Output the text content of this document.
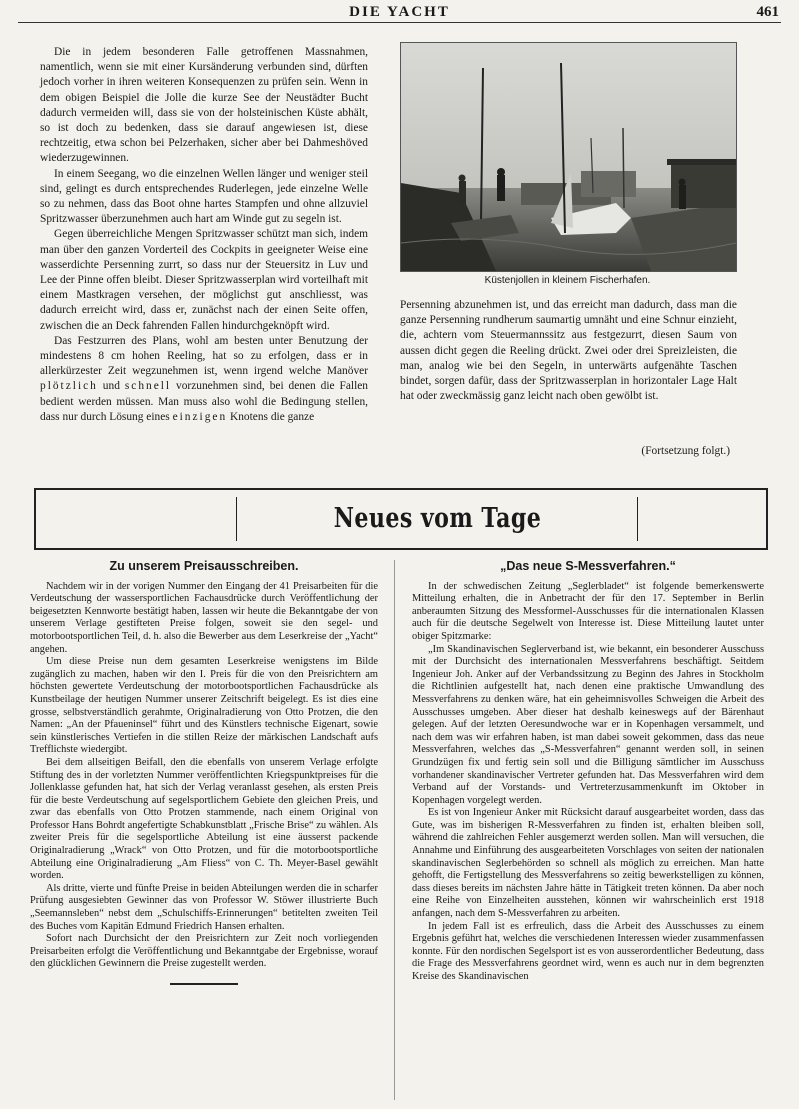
DIE YACHT	461

Die in jedem besonderen Falle getroffenen Massnahmen, namentlich, wenn sie mit einer Kursänderung verbunden sind, dürften jedoch vorher in ihren weiteren Konsequenzen zu prüfen sein. Wenn in dem obigen Beispiel die Jolle die kurze See der Neustädter Bucht dadurch vermeiden will, dass sie von der holsteinischen Küste abhält, so ist doch zu bedenken, dass sie darauf angewiesen ist, diese rechtzeitig, etwa schon bei Pelzerhaken, sicher aber bei Dahmeshöved wiederzugewinnen.

In einem Seegang, wo die einzelnen Wellen länger und weniger steil sind, gelingt es durch entsprechendes Ruderlegen, jede einzelne Welle so zu nehmen, dass das Boot ohne hartes Stampfen und ohne allzuviel Spritzwasser überzunehmen auch hart am Winde gut zu segeln ist.

Gegen überreichliche Mengen Spritzwasser schützt man sich, indem man über den ganzen Vorderteil des Cockpits in geeigneter Weise eine wasserdichte Persenning zurrt, so dass nur der Steuersitz in Luv und Lee der Pinne offen bleibt. Dieser Spritzwasserplan wird vorteilhaft mit einem Mastkragen versehen, der möglichst gut anschliesst, was dadurch erreicht wird, dass er, zunächst nach der einen Seite offen, zwischen die an Deck fahrenden Fallen hindurchgeknöpft wird.

Das Festzurren des Plans, wohl am besten unter Benutzung der mindestens 8 cm hohen Reeling, hat so zu erfolgen, dass er in allerkürzester Zeit wegzunehmen ist, wenn irgend welche Manöver plötzlich und schnell vorzunehmen sind, bei denen die Fallen bedient werden müssen. Man muss also wohl die Bedingung stellen, dass nur durch Lösung eines einzigen Knotens die ganze

Küstenjollen in kleinem Fischerhafen.

Persenning abzunehmen ist, und das erreicht man dadurch, dass man die ganze Persenning rundherum saumartig umnäht und eine Schnur einzieht, die, achtern vom Steuermannssitz aus festgezurrt, diesen Saum von aussen dicht gegen die Reeling drückt. Zwei oder drei Spreizleisten, die man, analog wie bei den Segeln, in unterwärts aufgenähte Taschen bindet, sorgen dafür, dass der Spritzwasserplan in horizontaler Lage Halt hat oder zweckmässig ganz leicht nach oben gewölbt ist.

(Fortsetzung folgt.)
Neues vom Tage
Zu unserem Preisausschreiben.

Nachdem wir in der vorigen Nummer den Eingang der 41 Preisarbeiten für die Verdeutschung der wassersportlichen Fachausdrücke durch Veröffentlichung der beigesetzten Kennworte bestätigt haben, lassen wir heute die Bekanntgabe der von unserem Verlage gestifteten Preise folgen, soweit sie den segel- und motorbootsportlichen Teil, d. h. also die Bewerber aus dem Leserkreise der „Yacht“ angehen.

Um diese Preise nun dem gesamten Leserkreise wenigstens im Bilde zugänglich zu machen, haben wir den I. Preis für die von den Preisrichtern am höchsten gewertete Verdeutschung der motorbootsportlichen Fachausdrücke als Kunstbeilage der heutigen Nummer unserer Zeitschrift beigelegt. Es ist dies eine grosse, selbstverständlich gerahmte, Originalradierung von Otto Protzen, die den Namen: „An der Pfaueninsel“ führt und des Künstlers technische Eigenart, sowie sein künstlerisches Vertiefen in die stillen Reize der märkischen Landschaft aufs Trefflichste wiedergibt.

Bei dem allseitigen Beifall, den die ebenfalls von unserem Verlage erfolgte Stiftung des in der vorletzten Nummer veröffentlichten Kriegspunktpreises für die Jollenklasse gefunden hat, hat sich der Verlag veranlasst gesehen, als ersten Preis für die beste Verdeutschung auf segelsportlichem Gebiete den gleichen Preis, und zwar das ebenfalls von Otto Protzen stammende, nach einem Original von Professor Hans Bohrdt angefertigte Schabkunstblatt „Frische Brise“ zu wählen. Als zweiter Preis für die segelsportliche Abteilung ist eine äusserst packende Originalradierung „Wrack“ von Otto Protzen, und für die motorbootsportliche Abteilung eine Originalradierung „Am Fliess“ von C. Th. Meyer-Basel gewählt worden.

Als dritte, vierte und fünfte Preise in beiden Abteilungen werden die in scharfer Prüfung ausgesiebten Gewinner das von Professor W. Stöwer illustrierte Buch „Seemannsleben“ nebst dem „Schulschiffs-Erinnerungen“ betitelten zweiten Teil des Buches vom Kapitän Edmund Friedrich Hansen erhalten.

Sofort nach Durchsicht der den Preisrichtern zur Zeit noch vorliegenden Preisarbeiten erfolgt die Veröffentlichung und Bekanntgabe der Ergebnisse, worauf den glücklichen Gewinnern die Preise zugestellt werden.

„Das neue S-Messverfahren.“

In der schwedischen Zeitung „Seglerbladet“ ist folgende bemerkenswerte Mitteilung erhalten, die in Anbetracht der für den 17. September in Berlin anberaumten Sitzung des Messformel-Ausschusses für die internationalen Klassen auch für die deutsche Segelwelt von Interesse ist. Diese Mitteilung lautet unter obiger Spitzmarke:

„Im Skandinavischen Seglerverband ist, wie bekannt, ein besonderer Ausschuss mit der Durchsicht des internationalen Messverfahrens beschäftigt. Seitdem Ingenieur Joh. Anker auf der Verbandssitzung zu Beginn des Jahres in Stockholm die Richtlinien aufgestellt hat, nach denen eine praktische Umwandlung des Messverfahrens zu denken wäre, hat ein geheimnisvolles Schweigen die Arbeit des Ausschusses umgeben. Aber dieser hat deshalb keineswegs auf der Bärenhaut gelegen. Auf der letzten Oeresundwoche war er in Kopenhagen versammelt, und nach dem was wir erfahren haben, ist man dabei soweit gekommen, dass das neue Messverfahren, welches das „S-Messverfahren“ genannt werden soll, in seinen Grundzügen fix und fertig sein soll und die Billigung sämtlicher im Ausschuss vorhandener skandinavischer Vertreter gefunden hat. Das Messverfahren wird dem Verband auf der Vorstands- und Vertreterzusammenkunft im Oktober in Kopenhagen vorgelegt werden.

Es ist von Ingenieur Anker mit Rücksicht darauf ausgearbeitet worden, dass das Gute, was im bisherigen R-Messverfahren zu finden ist, erhalten bleiben soll, während die zahlreichen Fehler ausgemerzt werden sollen. Man will versuchen, die Annahme und Einführung des ausgearbeiteten Vorschlages von seiten der nationalen skandinavischen Seglerbehörden so schnell als möglich zu erreichen. Man hatte gehofft, die Fertigstellung des Messverfahrens so zeitig bewerkstelligen zu können, dass dieses bereits im nächsten Jahre hätte in Tätigkeit treten können. Da aber noch eine Reihe von Einzelheiten ausstehen, können wir wahrscheinlich erst 1918 anfangen, nach dem S-Messverfahren zu arbeiten.

In jedem Fall ist es erfreulich, dass die Arbeit des Ausschusses zu einem Ergebnis geführt hat, welches die verschiedenen Interessen wieder zusammenfassen konnte. Für den nordischen Segelsport ist es von ausserordentlicher Bedeutung, dass die Frage des Messverfahrens geordnet wird, wenn es auch nur in dem begrenzten Kreise des Skandinavischen
